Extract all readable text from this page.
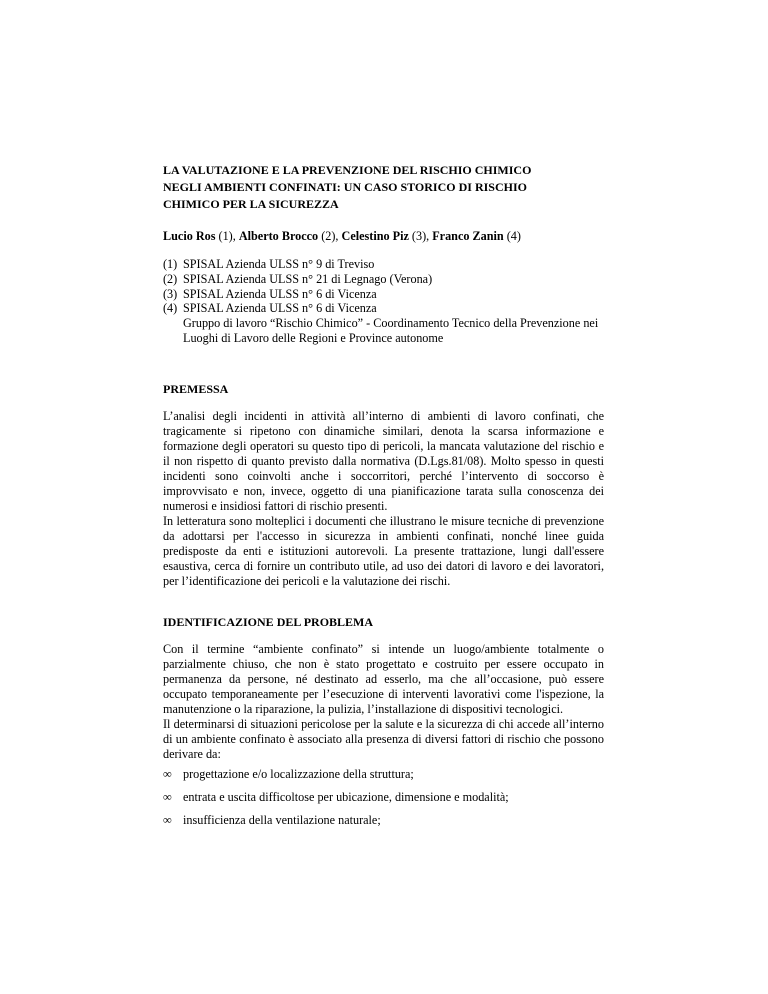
LA VALUTAZIONE E LA PREVENZIONE DEL RISCHIO CHIMICO
NEGLI AMBIENTI CONFINATI: UN CASO STORICO DI RISCHIO
CHIMICO PER LA SICUREZZA

Lucio Ros (1), Alberto Brocco (2), Celestino Piz (3), Franco Zanin (4)

(1) SPISAL Azienda ULSS n° 9 di Treviso
(2) SPISAL Azienda ULSS n° 21 di Legnago (Verona)
(3) SPISAL Azienda ULSS n° 6 di Vicenza
(4) SPISAL Azienda ULSS n° 6 di Vicenza

Gruppo di lavoro “Rischio Chimico” - Coordinamento Tecnico della Prevenzione nei Luoghi di Lavoro delle Regioni e Province autonome

PREMESSA

L’analisi degli incidenti in attività all’interno di ambienti di lavoro confinati, che tragicamente si ripetono con dinamiche similari, denota la scarsa informazione e formazione degli operatori su questo tipo di pericoli, la mancata valutazione del rischio e il non rispetto di quanto previsto dalla normativa (D.Lgs.81/08). Molto spesso in questi incidenti sono coinvolti anche i soccorritori, perché l’intervento di soccorso è improvvisato e non, invece, oggetto di una pianificazione tarata sulla conoscenza dei numerosi e insidiosi fattori di rischio presenti.

In letteratura sono molteplici i documenti che illustrano le misure tecniche di prevenzione da adottarsi per l'accesso in sicurezza in ambienti confinati, nonché linee guida predisposte da enti e istituzioni autorevoli. La presente trattazione, lungi dall'essere esaustiva, cerca di fornire un contributo utile, ad uso dei datori di lavoro e dei lavoratori, per l’identificazione dei pericoli e la valutazione dei rischi.

IDENTIFICAZIONE DEL PROBLEMA

Con il termine “ambiente confinato” si intende un luogo/ambiente totalmente o parzialmente chiuso, che non è stato progettato e costruito per essere occupato in permanenza da persone, né destinato ad esserlo, ma che all’occasione, può essere occupato temporaneamente per l’esecuzione di interventi lavorativi come l'ispezione, la manutenzione o la riparazione, la pulizia, l’installazione di dispositivi tecnologici.

Il determinarsi di situazioni pericolose per la salute e la sicurezza di chi accede all’interno di un ambiente confinato è associato alla presenza di diversi fattori di rischio che possono derivare da:

∞ progettazione e/o localizzazione della struttura;
∞ entrata e uscita difficoltose per ubicazione, dimensione e modalità;
∞ insufficienza della ventilazione naturale;
